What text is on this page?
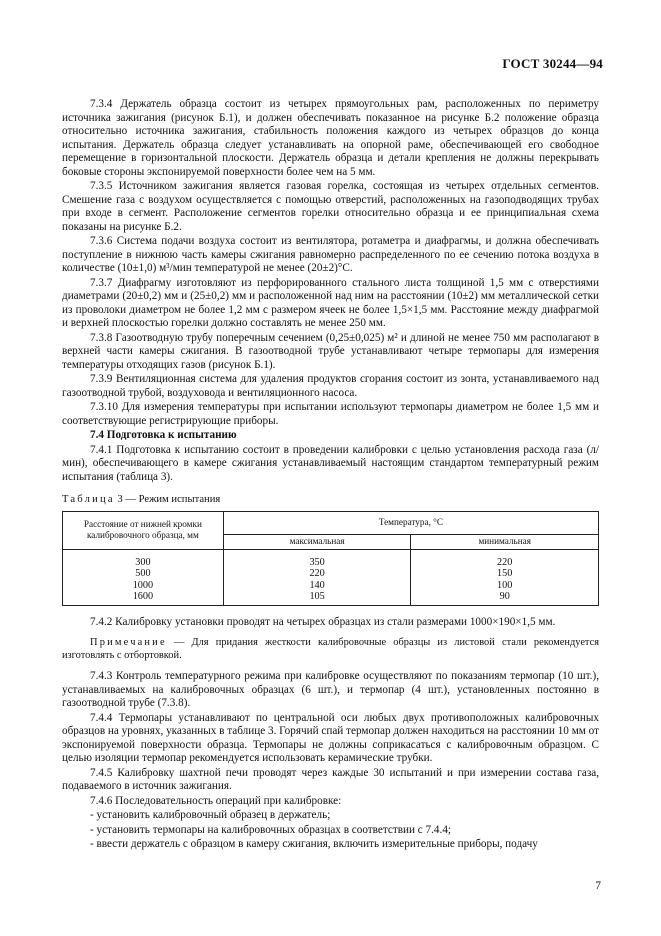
ГОСТ 30244—94

7.3.4 Держатель образца состоит из четырех прямоугольных рам, расположенных по периметру источника зажигания (рисунок Б.1), и должен обеспечивать показанное на рисунке Б.2 положение образца относительно источника зажигания, стабильность положения каждого из четырех образцов до конца испытания. Держатель образца следует устанавливать на опорной раме, обеспечивающей его свободное перемещение в горизонтальной плоскости. Держатель образца и детали крепления не должны перекрывать боковые стороны экспонируемой поверхности более чем на 5 мм.

7.3.5 Источником зажигания является газовая горелка, состоящая из четырех отдельных сегментов. Смешение газа с воздухом осуществляется с помощью отверстий, расположенных на газоподводящих трубах при входе в сегмент. Расположение сегментов горелки относительно образца и ее принципиальная схема показаны на рисунке Б.2.

7.3.6 Система подачи воздуха состоит из вентилятора, ротаметра и диафрагмы, и должна обеспечивать поступление в нижнюю часть камеры сжигания равномерно распределенного по ее сечению потока воздуха в количестве (10±1,0) м³/мин температурой не менее (20±2)°С.

7.3.7 Диафрагму изготовляют из перфорированного стального листа толщиной 1,5 мм с отверстиями диаметрами (20±0,2) мм и (25±0,2) мм и расположенной над ним на расстоянии (10±2) мм металлической сетки из проволоки диаметром не более 1,2 мм с размером ячеек не более 1,5×1,5 мм. Расстояние между диафрагмой и верхней плоскостью горелки должно составлять не менее 250 мм.

7.3.8 Газоотводную трубу поперечным сечением (0,25±0,025) м² и длиной не менее 750 мм располагают в верхней части камеры сжигания. В газоотводной трубе устанавливают четыре термопары для измерения температуры отходящих газов (рисунок Б.1).

7.3.9 Вентиляционная система для удаления продуктов сгорания состоит из зонта, устанавливаемого над газоотводной трубой, воздуховода и вентиляционного насоса.

7.3.10 Для измерения температуры при испытании используют термопары диаметром не более 1,5 мм и соответствующие регистрирующие приборы.

7.4 Подготовка к испытанию

7.4.1 Подготовка к испытанию состоит в проведении калибровки с целью установления расхода газа (л/мин), обеспечивающего в камере сжигания устанавливаемый настоящим стандартом температурный режим испытания (таблица 3).

Таблица 3 — Режим испытания

Расстояние от нижней кромки калибровочного образца, мм	Температура, °С	
	максимальная	минимальная
300	350	220
500	220	150
1000	140	100
1600	105	90

7.4.2 Калибровку установки проводят на четырех образцах из стали размерами 1000×190×1,5 мм.

Примечание — Для придания жесткости калибровочные образцы из листовой стали рекомендуется изготовлять с отбортовкой.

7.4.3 Контроль температурного режима при калибровке осуществляют по показаниям термопар (10 шт.), устанавливаемых на калибровочных образцах (6 шт.), и термопар (4 шт.), установленных постоянно в газоотводной трубе (7.3.8).

7.4.4 Термопары устанавливают по центральной оси любых двух противоположных калибровочных образцов на уровнях, указанных в таблице 3. Горячий спай термопар должен находиться на расстоянии 10 мм от экспонируемой поверхности образца. Термопары не должны соприкасаться с калибровочным образцом. С целью изоляции термопар рекомендуется использовать керамические трубки.

7.4.5 Калибровку шахтной печи проводят через каждые 30 испытаний и при измерении состава газа, подаваемого в источник зажигания.

7.4.6 Последовательность операций при калибровке:

- установить калибровочный образец в держатель;

- установить термопары на калибровочных образцах в соответствии с 7.4.4;

- ввести держатель с образцом в камеру сжигания, включить измерительные приборы, подачу

7
